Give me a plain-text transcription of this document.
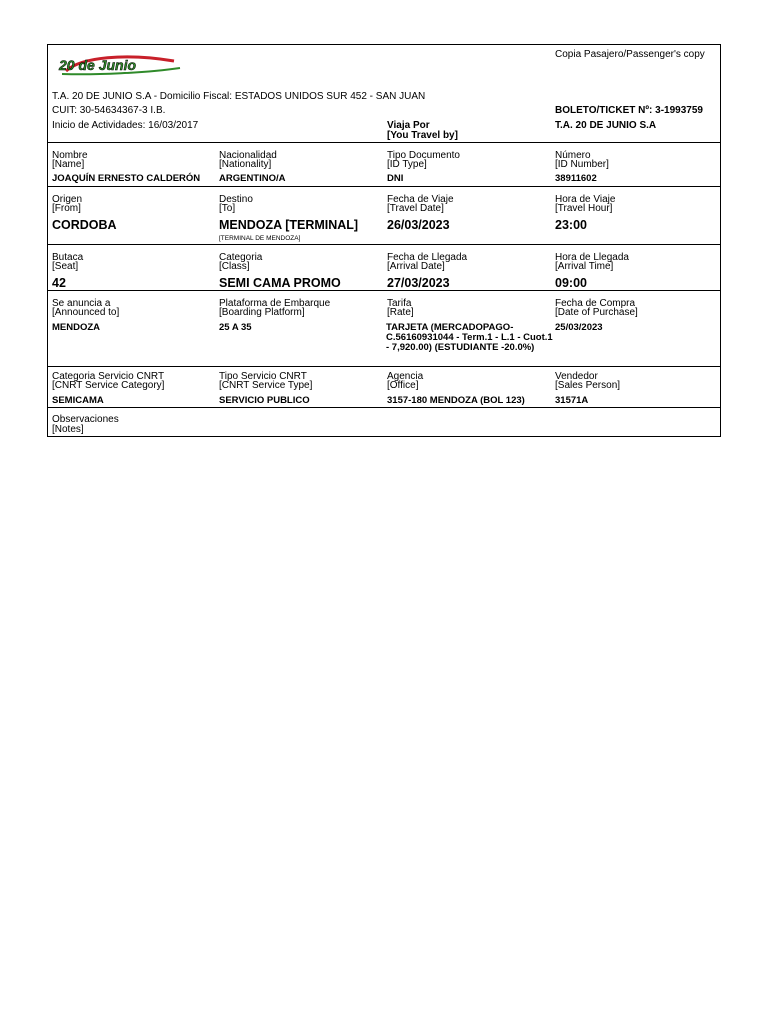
20 de Junio
Copia Pasajero/Passenger's copy
T.A. 20 DE JUNIO S.A - Domicilio Fiscal: ESTADOS UNIDOS SUR 452 - SAN JUAN
CUIT: 30-54634367-3 I.B.	BOLETO/TICKET Nº: 3-1993759
Inicio de Actividades: 16/03/2017	Viaja Por
[You Travel by]
T.A. 20 DE JUNIO S.A
Nombre
[Name]
JOAQUÍN ERNESTO CALDERÓN
Nacionalidad
[Nationality]
ARGENTINO/A
Tipo Documento
[ID Type]
DNI
Número
[ID Number]
38911602
Origen
[From]
CORDOBA
Destino
[To]
MENDOZA [TERMINAL]
[TERMINAL DE MENDOZA]
Fecha de Viaje
[Travel Date]
26/03/2023
Hora de Viaje
[Travel Hour]
23:00
Butaca
[Seat]
42
Categoria
[Class]
SEMI CAMA PROMO
Fecha de Llegada
[Arrival Date]
27/03/2023
Hora de Llegada
[Arrival Time]
09:00
Se anuncia a
[Announced to]
MENDOZA
Plataforma de Embarque
[Boarding Platform]
25 A 35
Tarifa
[Rate]
TARJETA (MERCADOPAGO-C.56160931044 - Term.1 - L.1 - Cuot.1 - 7,920.00) (ESTUDIANTE -20.0%)
Fecha de Compra
[Date of Purchase]
25/03/2023
Categoria Servicio CNRT
[CNRT Service Category]
SEMICAMA
Tipo Servicio CNRT
[CNRT Service Type]
SERVICIO PUBLICO
Agencia
[Office]
3157-180 MENDOZA (BOL 123)
Vendedor
[Sales Person]
31571A
Observaciones
[Notes]
